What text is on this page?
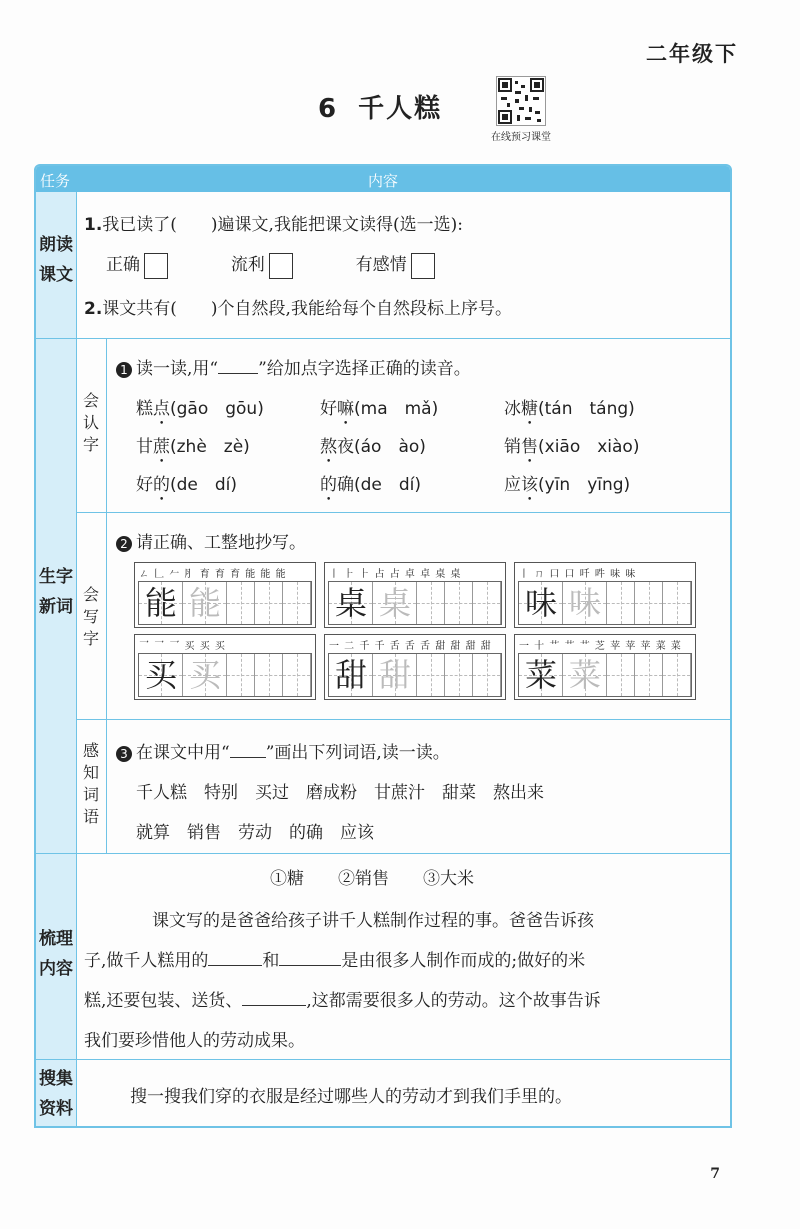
二年级下
6 千人糕
在线预习课堂
任务	内容
朗读
课文
1.我已读了(　　)遍课文,我能把课文读得(选一选):
正确	流利	有感情
2.课文共有(　　)个自然段,我能给每个自然段标上序号。
生字
新词
会
认
字
1 读一读,用“ ”给加点字选择正确的读音。
糕点(gāo　gōu)	好嘛(ma　mǎ)	冰糖(tán　táng)
甘蔗(zhè　zè)	熬夜(áo　ào)	销售(xiāo　xiào)
好的(de　dí)	的确(de　dí)	应该(yīn　yīng)
会
写
字
2 请正确、工整地抄写。
ㄥ 𠃊 𠂉 ⺼ 育 育 育 能 能 能
能 能
丨 ⺊ ⺊ 占 占 卓 卓 桌 桌
桌 桌
丨 ㄇ 口 口 吀 吽 味 味
味 味
乛 乛 乛 买 买 买
买 买
一 二 千 千 舌 舌 舌 甜 甜 甜 甜
甜 甜
一 十 艹 艹 艹 芝 苹 苹 苹 菜 菜
菜 菜
感
知
词
语
3 在课文中用“ ”画出下列词语,读一读。
千人糕　特别　买过　磨成粉　甘蔗汁　甜菜　熬出来
就算　销售　劳动　的确　应该
梳理
内容
①糖　　②销售　　③大米
课文写的是爸爸给孩子讲千人糕制作过程的事。爸爸告诉孩
子,做千人糕用的	和	是由很多人制作而成的;做好的米
糕,还要包装、送货、	,这都需要很多人的劳动。这个故事告诉
我们要珍惜他人的劳动成果。
搜集
资料
搜一搜我们穿的衣服是经过哪些人的劳动才到我们手里的。
7
